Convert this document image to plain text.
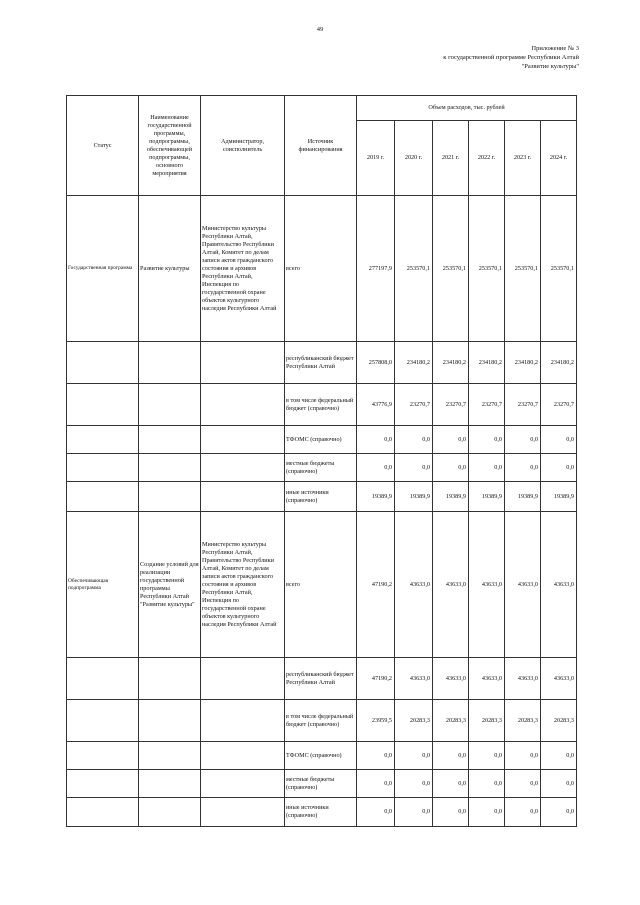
49
Приложение № 3
к государственной программе Республики Алтай
"Развитие культуры"
Статус	Наименование государственной программы, подпрограммы, обеспечивающей подпрограммы, основного мероприятия	Администратор, соисполнитель	Источник финансирования	Объем расходов, тыс. рублей					
				2019 г.	2020 г.	2021 г.	2022 г.	2023 г.	2024 г.
Государственная программа	Развитие культуры	Министерство культуры Республики Алтай, Правительство Республики Алтай, Комитет по делам записи актов гражданского состояния и архивов Республики Алтай, Инспекция по государственной охране объектов культурного наследия Республики Алтай	всего	277197,9	253570,1	253570,1	253570,1	253570,1	253570,1
			республиканский бюджет Республики Алтай	257808,0	234180,2	234180,2	234180,2	234180,2	234180,2
			в том числе федеральный бюджет (справочно)	43776,9	23270,7	23270,7	23270,7	23270,7	23270,7
			ТФОМС (справочно)	0,0	0,0	0,0	0,0	0,0	0,0
			местные бюджеты (справочно)	0,0	0,0	0,0	0,0	0,0	0,0
			иные источники (справочно)	19389,9	19389,9	19389,9	19389,9	19389,9	19389,9
Обеспечивающая подпрограмма	Создание условий для реализации государственной программы Республики Алтай "Развитие культуры"	Министерство культуры Республики Алтай, Правительство Республики Алтай, Комитет по делам записи актов гражданского состояния и архивов Республики Алтай, Инспекция по государственной охране объектов культурного наследия Республики Алтай	всего	47190,2	43633,0	43633,0	43633,0	43633,0	43633,0
			республиканский бюджет Республики Алтай	47190,2	43633,0	43633,0	43633,0	43633,0	43633,0
			в том числе федеральный бюджет (справочно)	23959,5	20283,3	20283,3	20283,3	20283,3	20283,3
			ТФОМС (справочно)	0,0	0,0	0,0	0,0	0,0	0,0
			местные бюджеты (справочно)	0,0	0,0	0,0	0,0	0,0	0,0
			иные источники (справочно)	0,0	0,0	0,0	0,0	0,0	0,0
